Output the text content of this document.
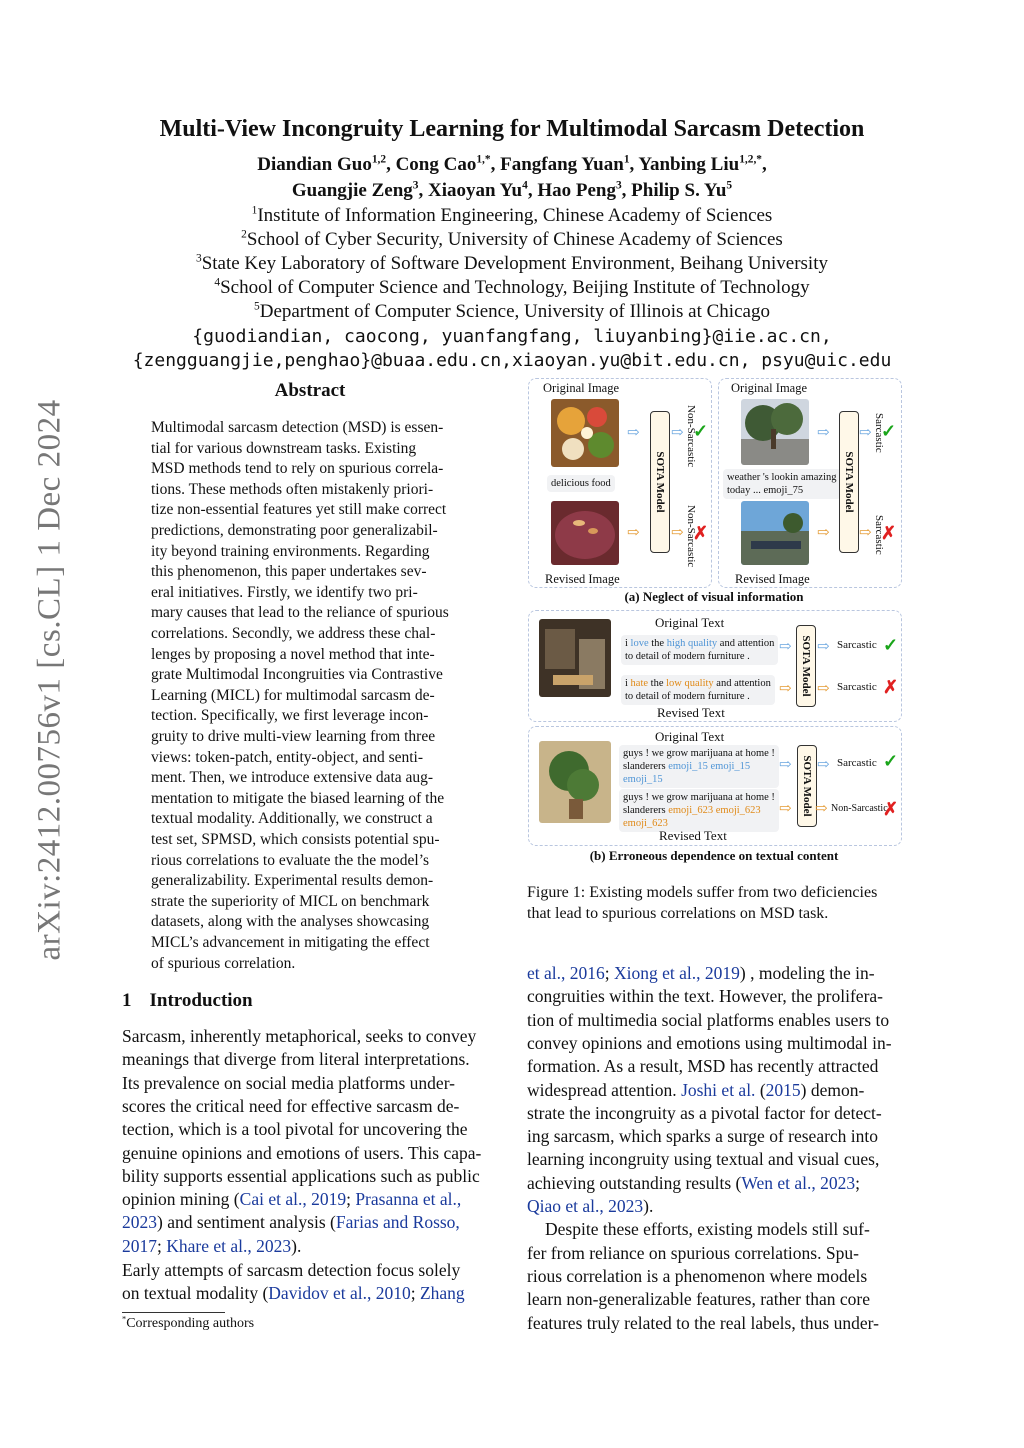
arXiv:2412.00756v1 [cs.CL] 1 Dec 2024
Multi-View Incongruity Learning for Multimodal Sarcasm Detection
Diandian Guo$^{1,2}$, Cong Cao$^{1,*}$, Fangfang Yuan$^1$, Yanbing Liu$^{1,2,*}$,
Guangjie Zeng$^3$, Xiaoyan Yu$^4$, Hao Peng$^3$, Philip S. Yu$^5$
$^1$Institute of Information Engineering, Chinese Academy of Sciences
$^2$School of Cyber Security, University of Chinese Academy of Sciences
$^3$State Key Laboratory of Software Development Environment, Beihang University
$^4$School of Computer Science and Technology, Beijing Institute of Technology
$^5$Department of Computer Science, University of Illinois at Chicago
{guodiandian, caocong, yuanfangfang, liuyanbing}@iie.ac.cn,
{zengguangjie,penghao}@buaa.edu.cn,xiaoyan.yu@bit.edu.cn, psyu@uic.edu
Abstract
Multimodal sarcasm detection (MSD) is essen-
tial for various downstream tasks. Existing
MSD methods tend to rely on spurious correla-
tions. These methods often mistakenly priori-
tize non-essential features yet still make correct
predictions, demonstrating poor generalizabil-
ity beyond training environments. Regarding
this phenomenon, this paper undertakes sev-
eral initiatives. Firstly, we identify two pri-
mary causes that lead to the reliance of spurious
correlations. Secondly, we address these chal-
lenges by proposing a novel method that inte-
grate Multimodal Incongruities via Contrastive
Learning (MICL) for multimodal sarcasm de-
tection. Specifically, we first leverage incon-
gruity to drive multi-view learning from three
views: token-patch, entity-object, and senti-
ment. Then, we introduce extensive data aug-
mentation to mitigate the biased learning of the
textual modality. Additionally, we construct a
test set, SPMSD, which consists potential spu-
rious correlations to evaluate the the model’s
generalizability. Experimental results demon-
strate the superiority of MICL on benchmark
datasets, along with the analyses showcasing
MICL’s advancement in mitigating the effect
of spurious correlation.
1 Introduction
Sarcasm, inherently metaphorical, seeks to convey
meanings that diverge from literal interpretations.
Its prevalence on social media platforms under-
scores the critical need for effective sarcasm de-
tection, which is a tool pivotal for uncovering the
genuine opinions and emotions of users. This capa-
bility supports essential applications such as public
opinion mining (Cai et al., 2019; Prasanna et al.,
2023) and sentiment analysis (Farias and Rosso,
2017; Khare et al., 2023).
Early attempts of sarcasm detection focus solely
on textual modality (Davidov et al., 2010; Zhang
*Corresponding authors
et al., 2016; Xiong et al., 2019) , modeling the in-
congruities within the text. However, the prolifera-
tion of multimedia social platforms enables users to
convey opinions and emotions using multimodal in-
formation. As a result, MSD has recently attracted
widespread attention. Joshi et al. (2015) demon-
strate the incongruity as a pivotal factor for detect-
ing sarcasm, which sparks a surge of research into
learning incongruity using textual and visual cues,
achieving outstanding results (Wen et al., 2023;
Qiao et al., 2023).
Despite these efforts, existing models still suf-
fer from reliance on spurious correlations. Spu-
rious correlation is a phenomenon where models
learn non-generalizable features, rather than core
features truly related to the real labels, thus under-
Original Image
delicious food
Revised Image
⇨
⇨
SOTA Model
⇨
⇨
Non-Sarcastic
Non-Sarcastic
✓
✗
Original Image
weather 's lookin amazing today ... emoji_75
Revised Image
⇨
⇨
SOTA Model
⇨
⇨
Sarcastic
Sarcastic
✓
✗
(a) Neglect of visual information
Original Text
i love the high quality and attention
to detail of modern furniture .
i hate the low quality and attention
to detail of modern furniture .
⇨
⇨ SOTA Model ⇨
⇨
Sarcastic
Sarcastic
✓
✗
Revised Text
Original Text
guys ! we grow marijuana at home !
slanderers emoji_15 emoji_15
emoji_15
guys ! we grow marijuana at home !
slanderers emoji_623 emoji_623
emoji_623
⇨
⇨ SOTA Model ⇨
⇨
Sarcastic
Non-Sarcastic
✓
✗
Revised Text
(b) Erroneous dependence on textual content
Figure 1: Existing models suffer from two deficiencies
that lead to spurious correlations on MSD task.
